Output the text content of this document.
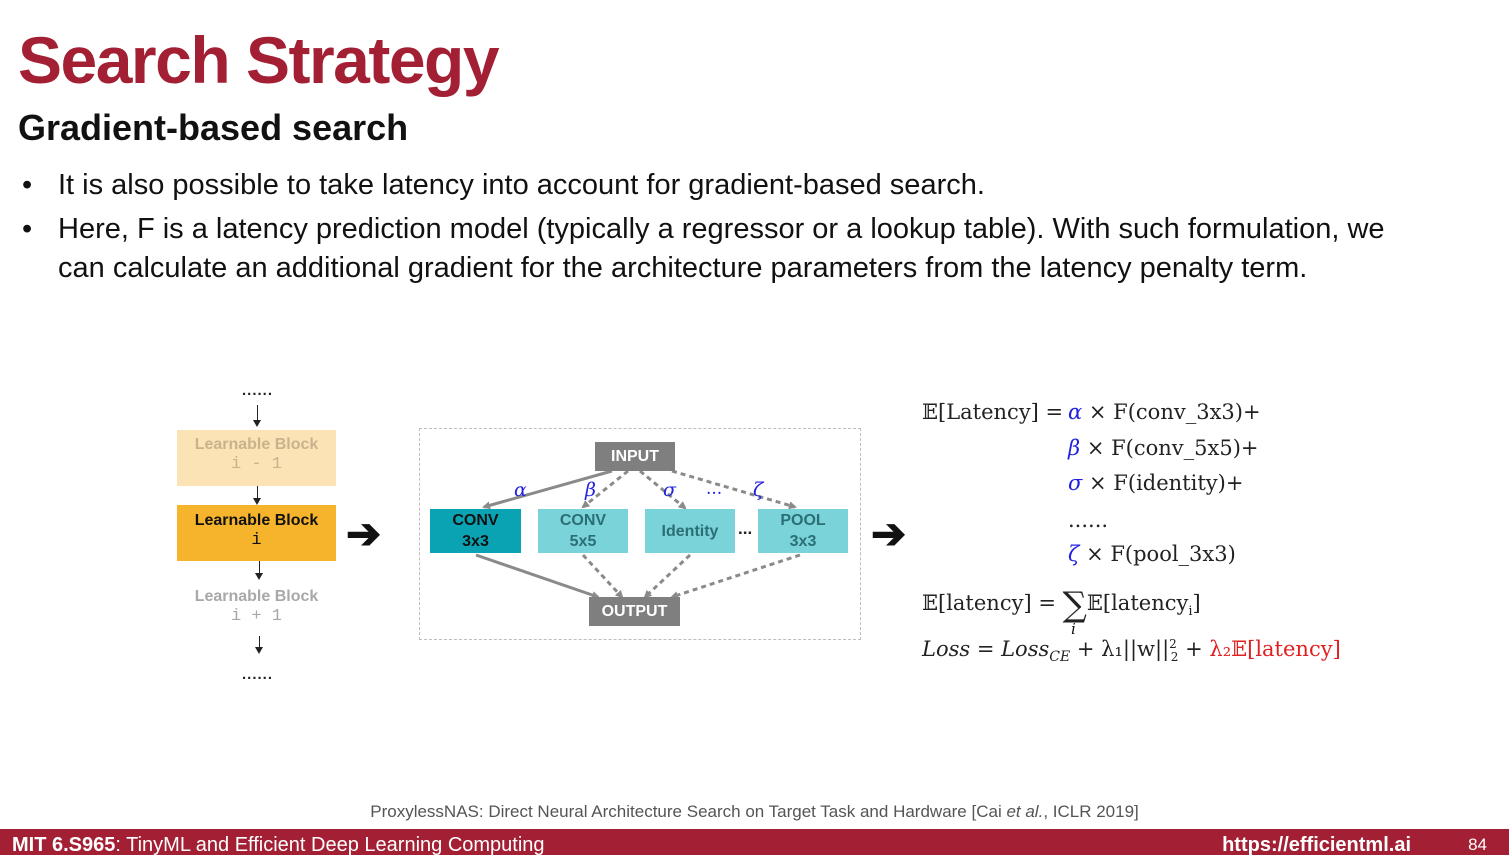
Search Strategy
Gradient-based search
• It is also possible to take latency into account for gradient-based search.
• Here, F is a latency prediction model (typically a regressor or a lookup table). With such formulation, we can calculate an additional gradient for the architecture parameters from the latency penalty term.
......
Learnable Block
i - 1
Learnable Block
i
Learnable Block
i + 1
......
➔
α	β	σ ... ζ
INPUT
CONV
3x3
CONV
5x5
Identity	...	POOL
3x3
OUTPUT
➔
𝔼[Latency] = α × F(conv_3x3)+
β × F(conv_5x5)+
σ × F(identity)+
......
ζ × F(pool_3x3)
𝔼[latency] = ∑𝔼[latency$_i$]
i
Loss = Loss$_{CE}$ + $\lambda_1||w||^2_2$ + λ₂𝔼[latency]
ProxylessNAS: Direct Neural Architecture Search on Target Task and Hardware [Cai et al., ICLR 2019]
MIT 6.S965: TinyML and Efficient Deep Learning Computing	https://efficientml.ai	84
